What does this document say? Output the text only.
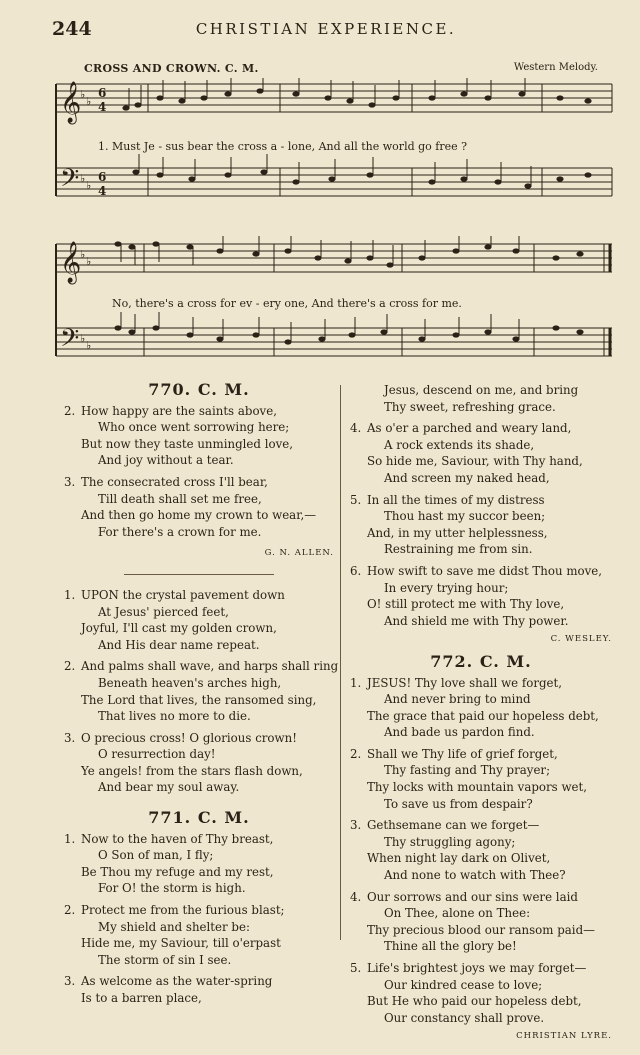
244	CHRISTIAN EXPERIENCE.
CROSS AND CROWN. C. M.	Western Melody.
𝄞
𝄢
♭
♭
♭
♭
6
4
6
4
1. Must Je - sus bear the cross a - lone, And all the world go free ?
𝄞
𝄢
♭
♭
♭
♭
No, there's a cross for ev - ery one, And there's a cross for me.
770. C. M.
2. How happy are the saints above,
Who once went sorrowing here;
But now they taste unmingled love,
And joy without a tear.
3. The consecrated cross I'll bear,
Till death shall set me free,
And then go home my crown to wear,—
For there's a crown for me.
G. N. ALLEN.
1. UPON the crystal pavement down
At Jesus' pierced feet,
Joyful, I'll cast my golden crown,
And His dear name repeat.
2. And palms shall wave, and harps shall ring
Beneath heaven's arches high,
The Lord that lives, the ransomed sing,
That lives no more to die.
3. O precious cross! O glorious crown!
O resurrection day!
Ye angels! from the stars flash down,
And bear my soul away.
771. C. M.
1. Now to the haven of Thy breast,
O Son of man, I fly;
Be Thou my refuge and my rest,
For O! the storm is high.
2. Protect me from the furious blast;
My shield and shelter be:
Hide me, my Saviour, till o'erpast
The storm of sin I see.
3. As welcome as the water-spring
Is to a barren place,
Jesus, descend on me, and bring
Thy sweet, refreshing grace.
4. As o'er a parched and weary land,
A rock extends its shade,
So hide me, Saviour, with Thy hand,
And screen my naked head,
5. In all the times of my distress
Thou hast my succor been;
And, in my utter helplessness,
Restraining me from sin.
6. How swift to save me didst Thou move,
In every trying hour;
O! still protect me with Thy love,
And shield me with Thy power.
C. WESLEY.
772. C. M.
1. JESUS! Thy love shall we forget,
And never bring to mind
The grace that paid our hopeless debt,
And bade us pardon find.
2. Shall we Thy life of grief forget,
Thy fasting and Thy prayer;
Thy locks with mountain vapors wet,
To save us from despair?
3. Gethsemane can we forget—
Thy struggling agony;
When night lay dark on Olivet,
And none to watch with Thee?
4. Our sorrows and our sins were laid
On Thee, alone on Thee:
Thy precious blood our ransom paid—
Thine all the glory be!
5. Life's brightest joys we may forget—
Our kindred cease to love;
But He who paid our hopeless debt,
Our constancy shall prove.
CHRISTIAN LYRE.
